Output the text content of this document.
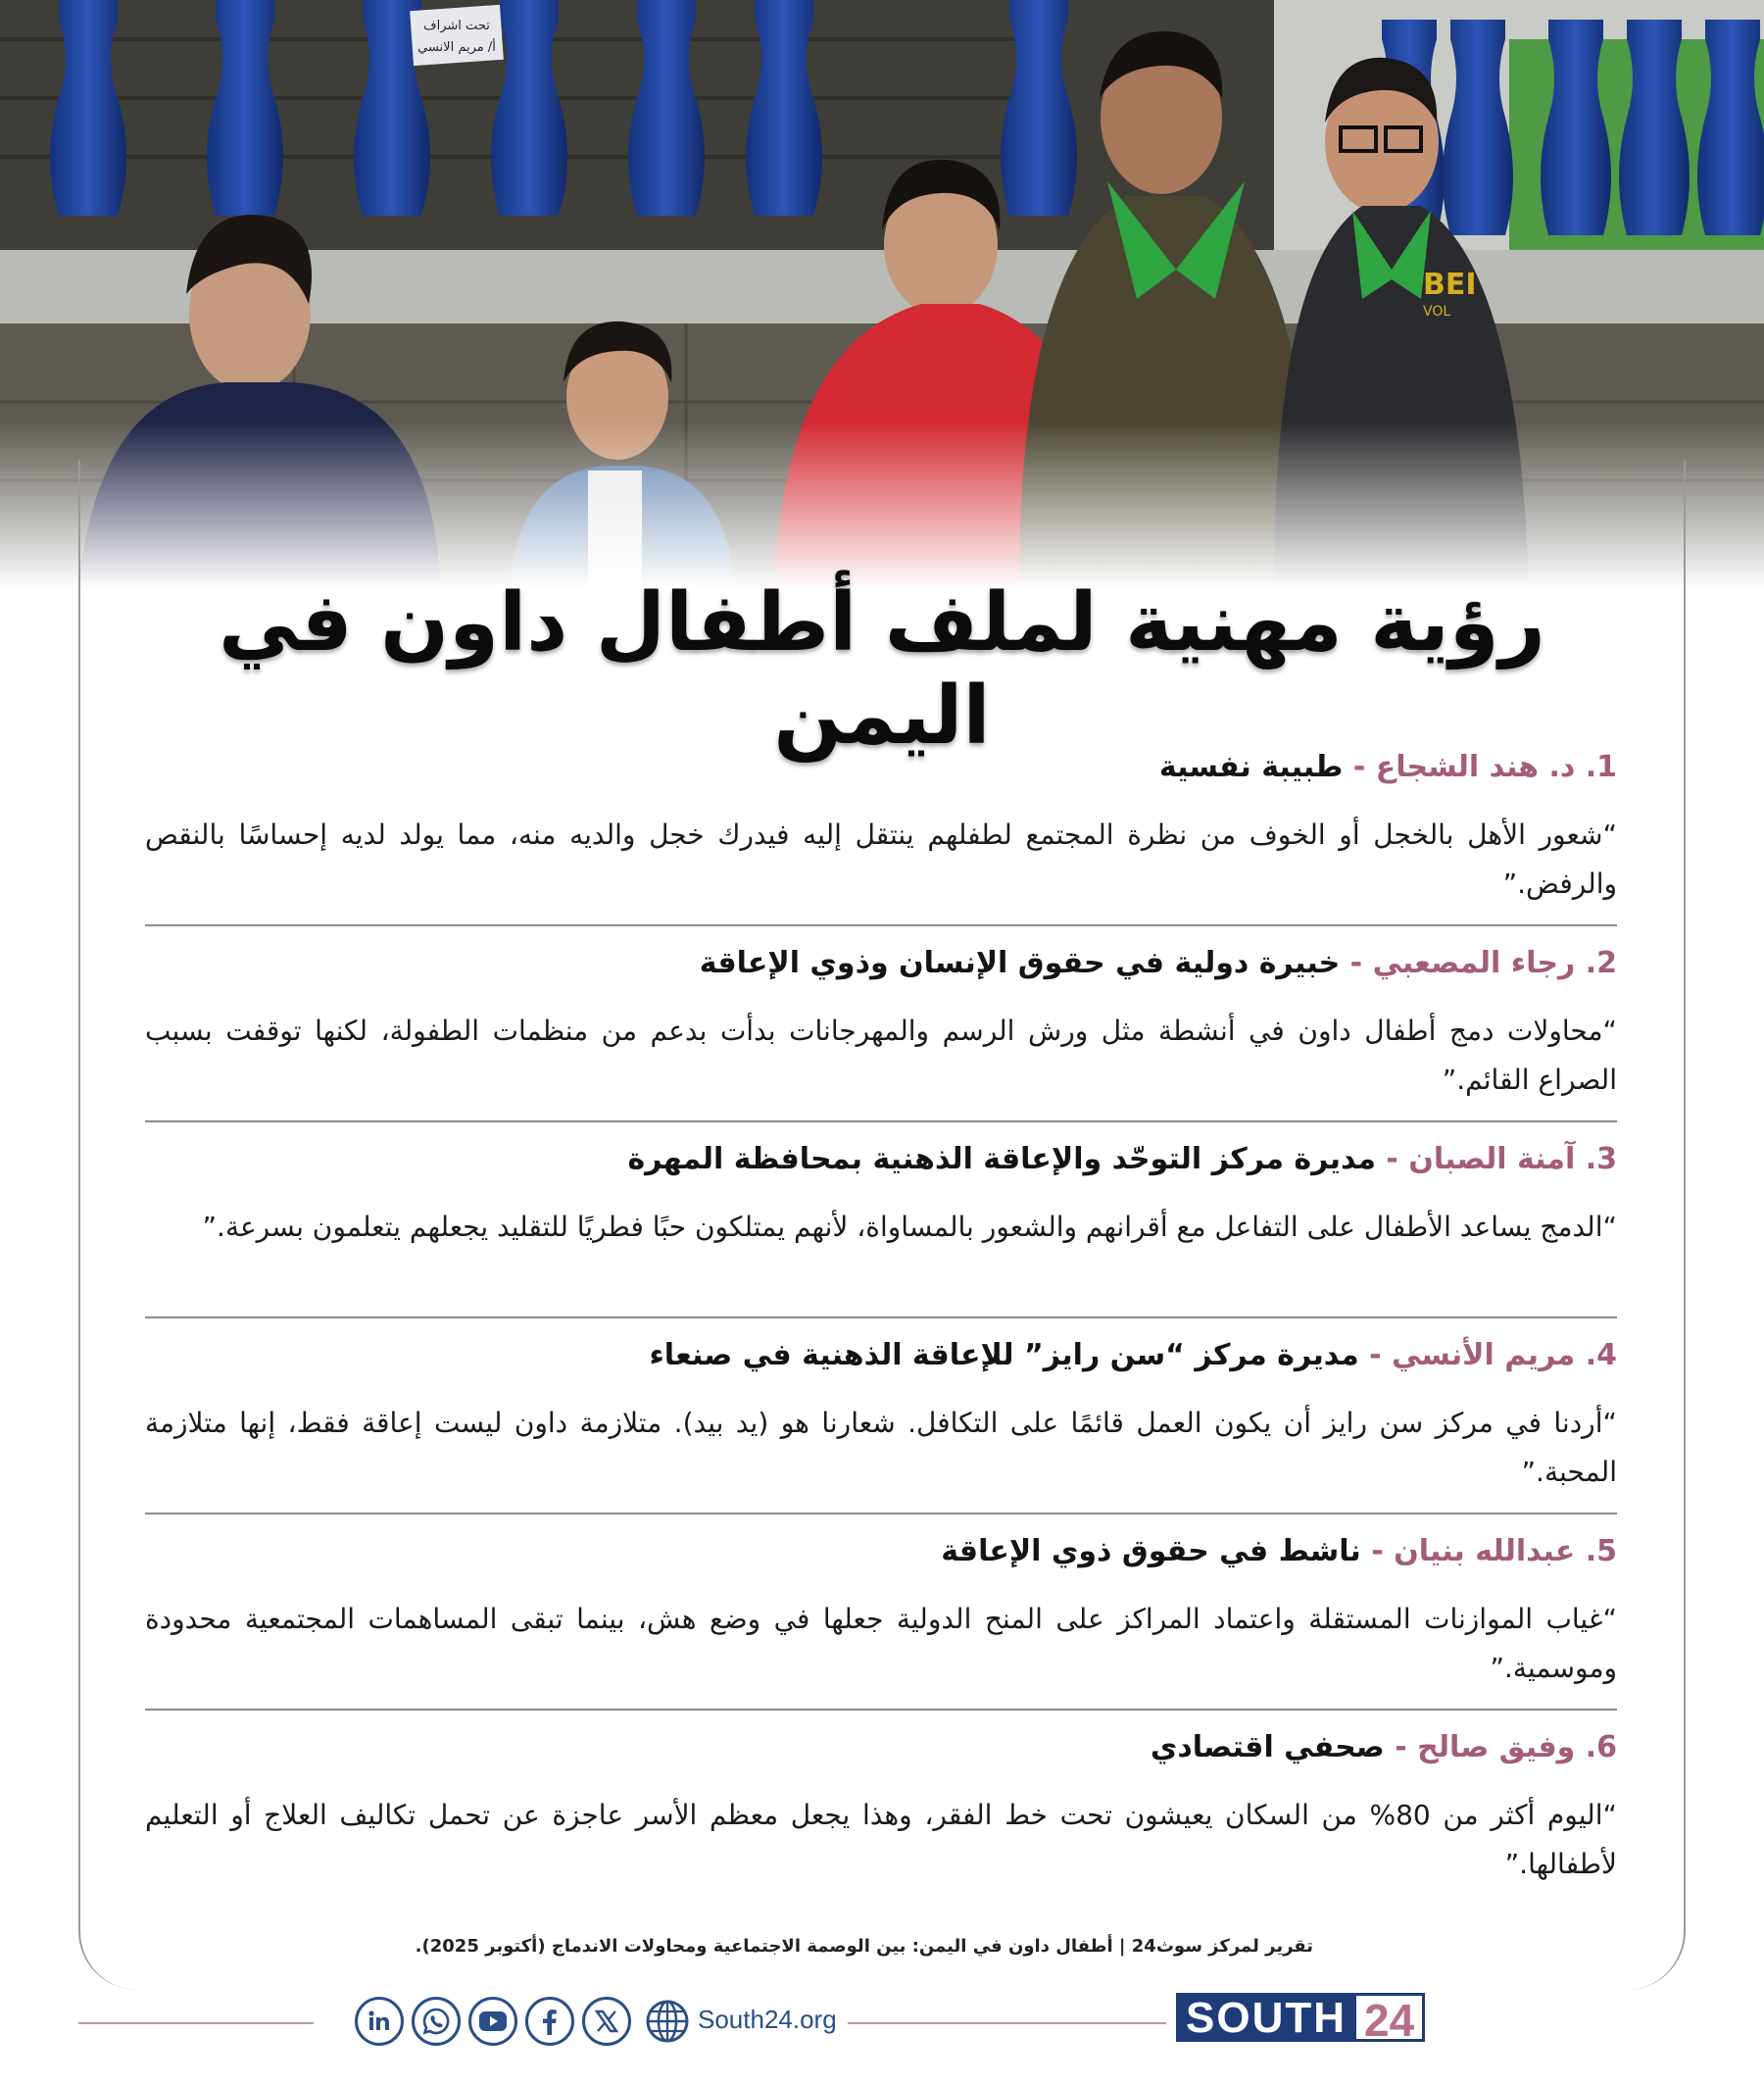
تحت اشراف
أ/ مريم الانسي
BEI
VOL
رؤية مهنية لملف أطفال داون في اليمن
1. د. هند الشجاع - طبيبة نفسية

“شعور الأهل بالخجل أو الخوف من نظرة المجتمع لطفلهم ينتقل إليه فيدرك خجل والديه منه، مما يولد لديه إحساسًا بالنقص والرفض.”

2. رجاء المصعبي - خبيرة دولية في حقوق الإنسان وذوي الإعاقة

“محاولات دمج أطفال داون في أنشطة مثل ورش الرسم والمهرجانات بدأت بدعم من منظمات الطفولة، لكنها توقفت بسبب الصراع القائم.”

3. آمنة الصبان - مديرة مركز التوحّد والإعاقة الذهنية بمحافظة المهرة

“الدمج يساعد الأطفال على التفاعل مع أقرانهم والشعور بالمساواة، لأنهم يمتلكون حبًا فطريًا للتقليد يجعلهم يتعلمون بسرعة.”

4. مريم الأنسي - مديرة مركز “سن رايز” للإعاقة الذهنية في صنعاء

“أردنا في مركز سن رايز أن يكون العمل قائمًا على التكافل. شعارنا هو (يد بيد). متلازمة داون ليست إعاقة فقط، إنها متلازمة المحبة.”

5. عبدالله بنيان - ناشط في حقوق ذوي الإعاقة

“غياب الموازنات المستقلة واعتماد المراكز على المنح الدولية جعلها في وضع هش، بينما تبقى المساهمات المجتمعية محدودة وموسمية.”

6. وفيق صالح - صحفي اقتصادي

“اليوم أكثر من 80% من السكان يعيشون تحت خط الفقر، وهذا يجعل معظم الأسر عاجزة عن تحمل تكاليف العلاج أو التعليم لأطفالها.”

تقرير لمركز سوث24 | أطفال داون في اليمن: بين الوصمة الاجتماعية ومحاولات الاندماج (أكتوبر 2025).

South24.org	SOUTH 24
